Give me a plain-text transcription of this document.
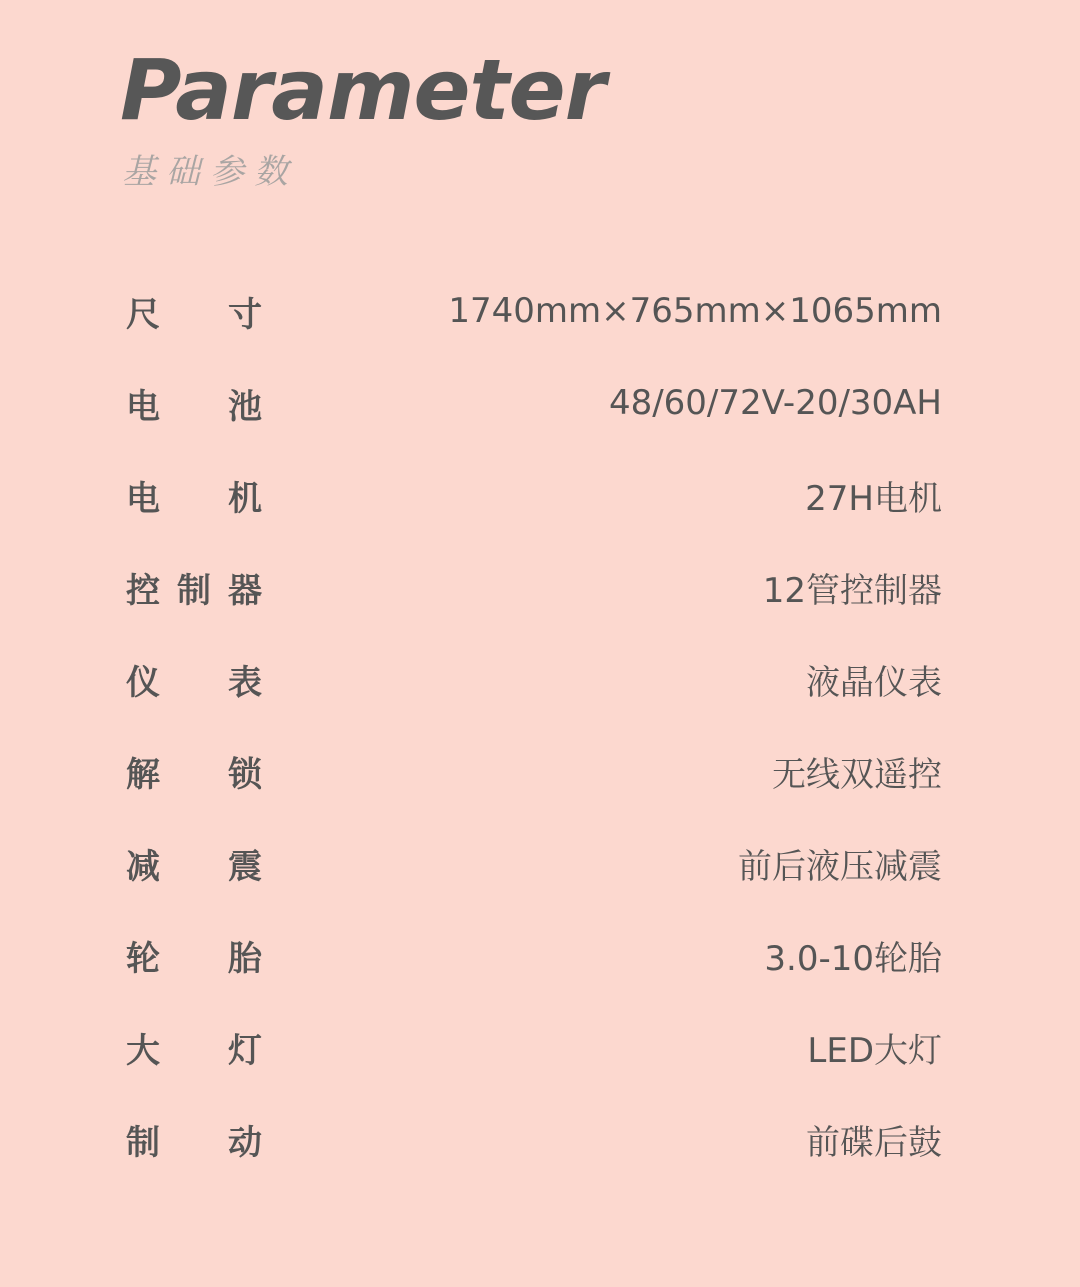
Parameter
基础参数
尺 寸	1740mm×765mm×1065mm
电 池	48/60/72V-20/30AH
电 机	27H电机
控 制 器	12管控制器
仪 表	液晶仪表
解 锁	无线双遥控
减 震	前后液压减震
轮 胎	3.0-10轮胎
大 灯	LED大灯
制 动	前碟后鼓
